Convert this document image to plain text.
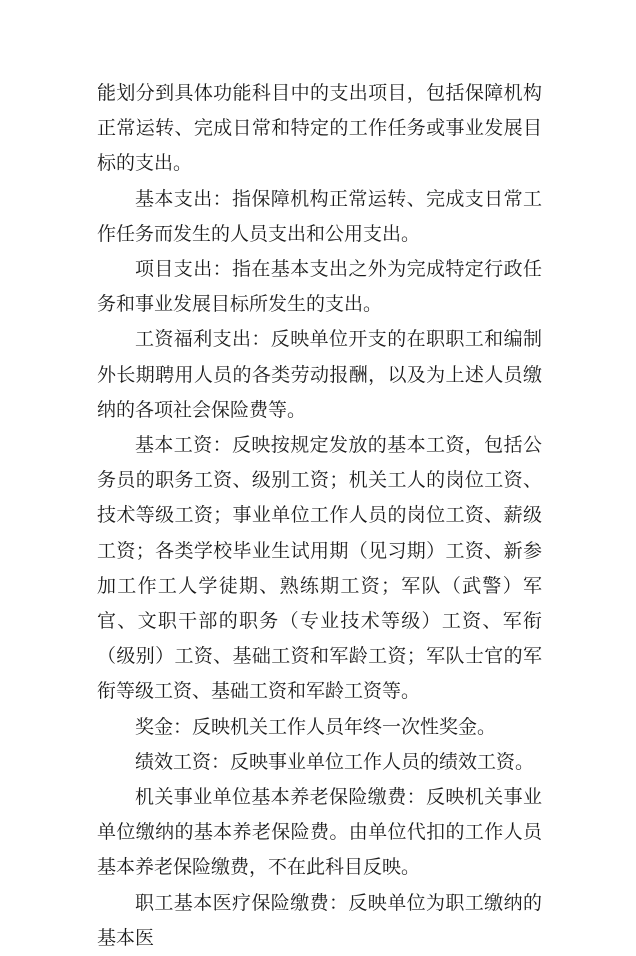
能划分到具体功能科目中的支出项目，包括保障机构正常运转、完成日常和特定的工作任务或事业发展目标的支出。

基本支出：指保障机构正常运转、完成支日常工作任务而发生的人员支出和公用支出。

项目支出：指在基本支出之外为完成特定行政任务和事业发展目标所发生的支出。

工资福利支出：反映单位开支的在职职工和编制外长期聘用人员的各类劳动报酬，以及为上述人员缴纳的各项社会保险费等。

基本工资：反映按规定发放的基本工资，包括公务员的职务工资、级别工资；机关工人的岗位工资、技术等级工资；事业单位工作人员的岗位工资、薪级工资；各类学校毕业生试用期（见习期）工资、新参加工作工人学徒期、熟练期工资；军队（武警）军官、文职干部的职务（专业技术等级）工资、军衔（级别）工资、基础工资和军龄工资；军队士官的军衔等级工资、基础工资和军龄工资等。

奖金：反映机关工作人员年终一次性奖金。

绩效工资：反映事业单位工作人员的绩效工资。

机关事业单位基本养老保险缴费：反映机关事业单位缴纳的基本养老保险费。由单位代扣的工作人员基本养老保险缴费，不在此科目反映。

职工基本医疗保险缴费：反映单位为职工缴纳的基本医
